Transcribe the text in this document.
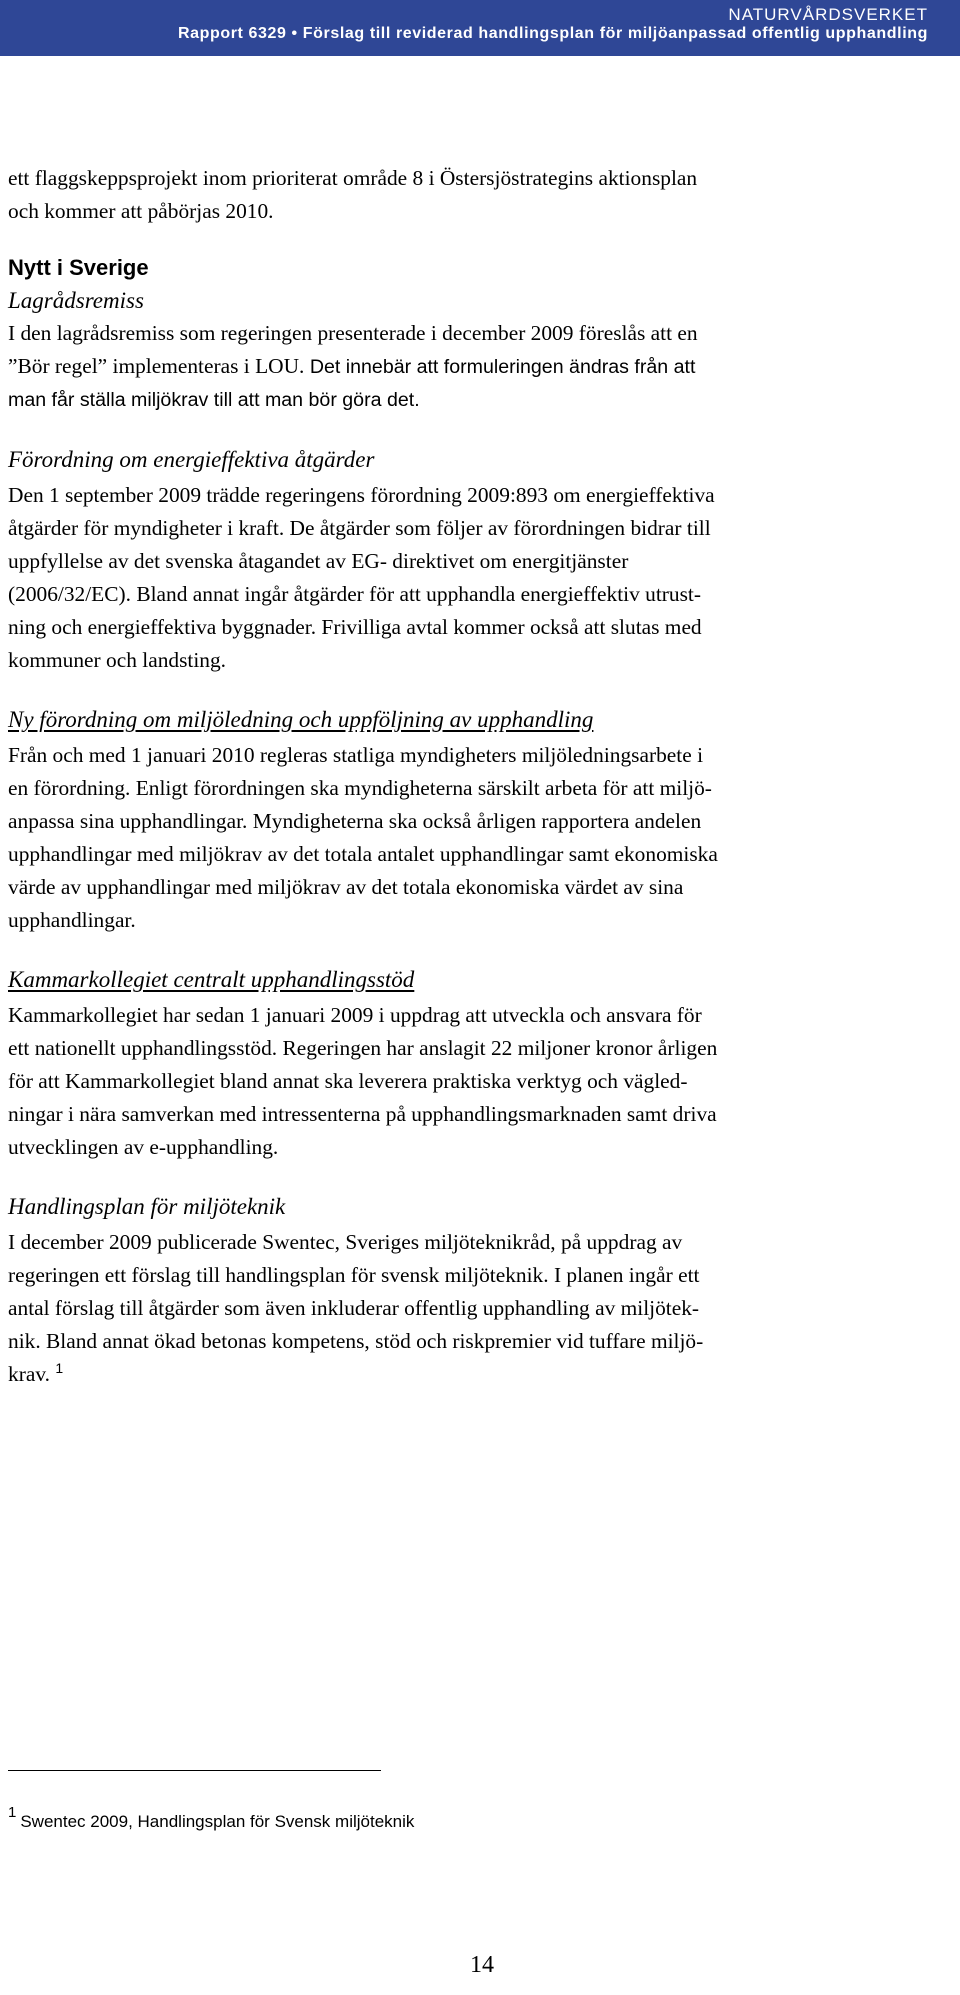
NATURVÅRDSVERKET

Rapport 6329 • Förslag till reviderad handlingsplan för miljöanpassad offentlig upphandling

ett flaggskeppsprojekt inom prioriterat område 8 i Östersjöstrategins aktionsplan
och kommer att påbörjas 2010.

Nytt i Sverige
Lagrådsremiss

I den lagrådsremiss som regeringen presenterade i december 2009 föreslås att en
”Bör regel” implementeras i LOU. Det innebär att formuleringen ändras från att
man får ställa miljökrav till att man bör göra det.

Förordning om energieffektiva åtgärder

Den 1 september 2009 trädde regeringens förordning 2009:893 om energieffektiva
åtgärder för myndigheter i kraft. De åtgärder som följer av förordningen bidrar till
uppfyllelse av det svenska åtagandet av EG- direktivet om energitjänster
(2006/32/EC). Bland annat ingår åtgärder för att upphandla energieffektiv utrust-
ning och energieffektiva byggnader. Frivilliga avtal kommer också att slutas med
kommuner och landsting.

Ny förordning om miljöledning och uppföljning av upphandling

Från och med 1 januari 2010 regleras statliga myndigheters miljöledningsarbete i
en förordning. Enligt förordningen ska myndigheterna särskilt arbeta för att miljö-
anpassa sina upphandlingar. Myndigheterna ska också årligen rapportera andelen
upphandlingar med miljökrav av det totala antalet upphandlingar samt ekonomiska
värde av upphandlingar med miljökrav av det totala ekonomiska värdet av sina
upphandlingar.

Kammarkollegiet centralt upphandlingsstöd

Kammarkollegiet har sedan 1 januari 2009 i uppdrag att utveckla och ansvara för
ett nationellt upphandlingsstöd. Regeringen har anslagit 22 miljoner kronor årligen
för att Kammarkollegiet bland annat ska leverera praktiska verktyg och vägled-
ningar i nära samverkan med intressenterna på upphandlingsmarknaden samt driva
utvecklingen av e-upphandling.

Handlingsplan för miljöteknik

I december 2009 publicerade Swentec, Sveriges miljöteknikråd, på uppdrag av
regeringen ett förslag till handlingsplan för svensk miljöteknik. I planen ingår ett
antal förslag till åtgärder som även inkluderar offentlig upphandling av miljötek-
nik. Bland annat ökad betonas kompetens, stöd och riskpremier vid tuffare miljö-
krav. $^1$

1 Swentec 2009, Handlingsplan för Svensk miljöteknik

14
